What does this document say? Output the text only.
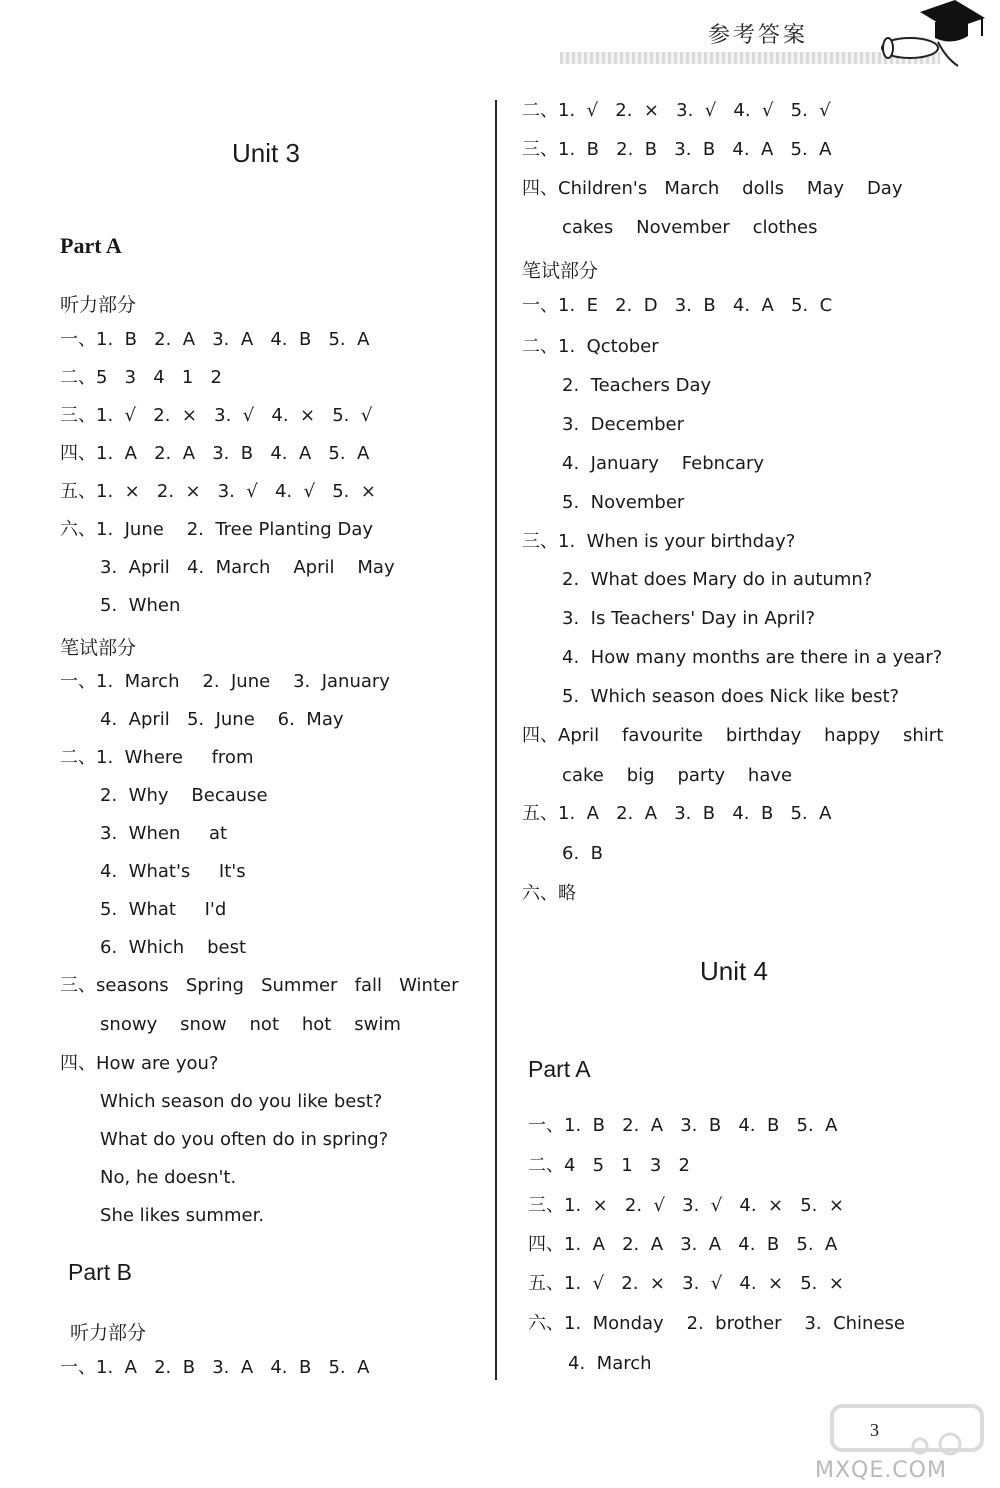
参考答案
Unit 3
Part A
听力部分
一、1.  B   2.  A   3.  A   4.  B   5.  A
二、5   3   4   1   2
三、1.  √   2.  ×   3.  √   4.  ×   5.  √
四、1.  A   2.  A   3.  B   4.  A   5.  A
五、1.  ×   2.  ×   3.  √   4.  √   5.  ×
六、1.  June    2.  Tree Planting Day
3.  April   4.  March    April    May
5.  When
笔试部分
一、1.  March    2.  June    3.  January
4.  April   5.  June    6.  May
二、1.  Where     from
2.  Why    Because
3.  When     at
4.  What's     It's
5.  What     I'd
6.  Which    best
三、seasons   Spring   Summer   fall   Winter
snowy    snow    not    hot    swim
四、How are you?
Which season do you like best?
What do you often do in spring?
No, he doesn't.
She likes summer.
Part B
听力部分
一、1.  A   2.  B   3.  A   4.  B   5.  A
二、1.  √   2.  ×   3.  √   4.  √   5.  √
三、1.  B   2.  B   3.  B   4.  A   5.  A
四、Children's   March    dolls    May    Day
cakes    November    clothes
笔试部分
一、1.  E   2.  D   3.  B   4.  A   5.  C
二、1.  Qctober
2.  Teachers Day
3.  December
4.  January    Febncary
5.  November
三、1.  When is your birthday?
2.  What does Mary do in autumn?
3.  Is Teachers' Day in April?
4.  How many months are there in a year?
5.  Which season does Nick like best?
四、April    favourite    birthday    happy    shirt
cake    big    party    have
五、1.  A   2.  A   3.  B   4.  B   5.  A
6.  B
六、略
Unit 4
Part A
一、1.  B   2.  A   3.  B   4.  B   5.  A
二、4   5   1   3   2
三、1.  ×   2.  √   3.  √   4.  ×   5.  ×
四、1.  A   2.  A   3.  A   4.  B   5.  A
五、1.  √   2.  ×   3.  √   4.  ×   5.  ×
六、1.  Monday    2.  brother    3.  Chinese
4.  March
3
MXQE.COM
